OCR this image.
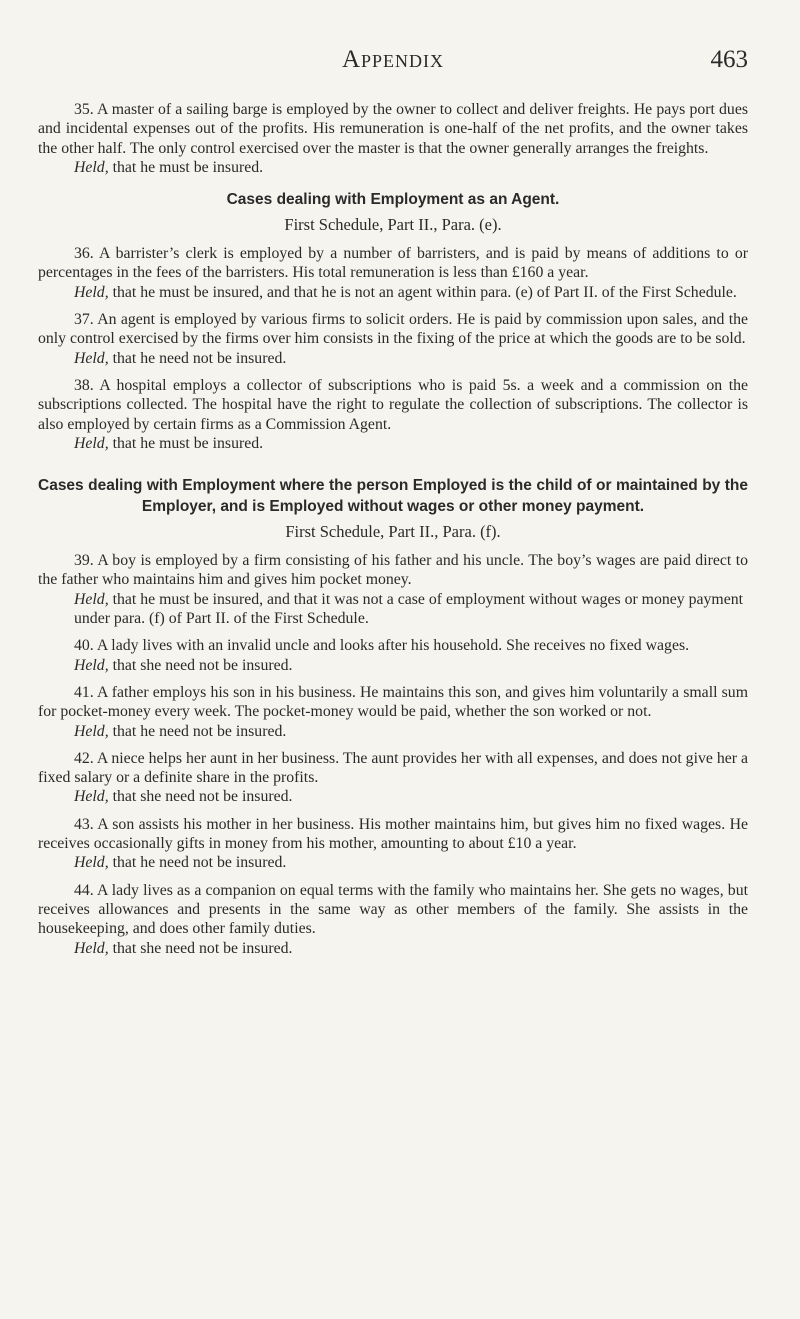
Appendix	463

35. A master of a sailing barge is employed by the owner to collect and deliver freights. He pays port dues and incidental expenses out of the profits. His remuneration is one-half of the net profits, and the owner takes the other half. The only control exercised over the master is that the owner generally arranges the freights.

Held, that he must be insured.

Cases dealing with Employment as an Agent.
First Schedule, Part II., Para. (e).

36. A barrister’s clerk is employed by a number of barristers, and is paid by means of additions to or percentages in the fees of the barristers. His total remuneration is less than £160 a year.

Held, that he must be insured, and that he is not an agent within para. (e) of Part II. of the First Schedule.

37. An agent is employed by various firms to solicit orders. He is paid by commission upon sales, and the only control exercised by the firms over him consists in the fixing of the price at which the goods are to be sold.

Held, that he need not be insured.

38. A hospital employs a collector of subscriptions who is paid 5s. a week and a commission on the subscriptions collected. The hospital have the right to regulate the collection of subscriptions. The collector is also employed by certain firms as a Commission Agent.

Held, that he must be insured.

Cases dealing with Employment where the person Employed is the child of or maintained by the Employer, and is Employed without wages or other money payment.
First Schedule, Part II., Para. (f).

39. A boy is employed by a firm consisting of his father and his uncle. The boy’s wages are paid direct to the father who maintains him and gives him pocket money.

Held, that he must be insured, and that it was not a case of employment without wages or money payment under para. (f) of Part II. of the First Schedule.

40. A lady lives with an invalid uncle and looks after his household. She receives no fixed wages.

Held, that she need not be insured.

41. A father employs his son in his business. He maintains this son, and gives him voluntarily a small sum for pocket-money every week. The pocket-money would be paid, whether the son worked or not.

Held, that he need not be insured.

42. A niece helps her aunt in her business. The aunt provides her with all expenses, and does not give her a fixed salary or a definite share in the profits.

Held, that she need not be insured.

43. A son assists his mother in her business. His mother maintains him, but gives him no fixed wages. He receives occasionally gifts in money from his mother, amounting to about £10 a year.

Held, that he need not be insured.

44. A lady lives as a companion on equal terms with the family who maintains her. She gets no wages, but receives allowances and presents in the same way as other members of the family. She assists in the housekeeping, and does other family duties.

Held, that she need not be insured.
